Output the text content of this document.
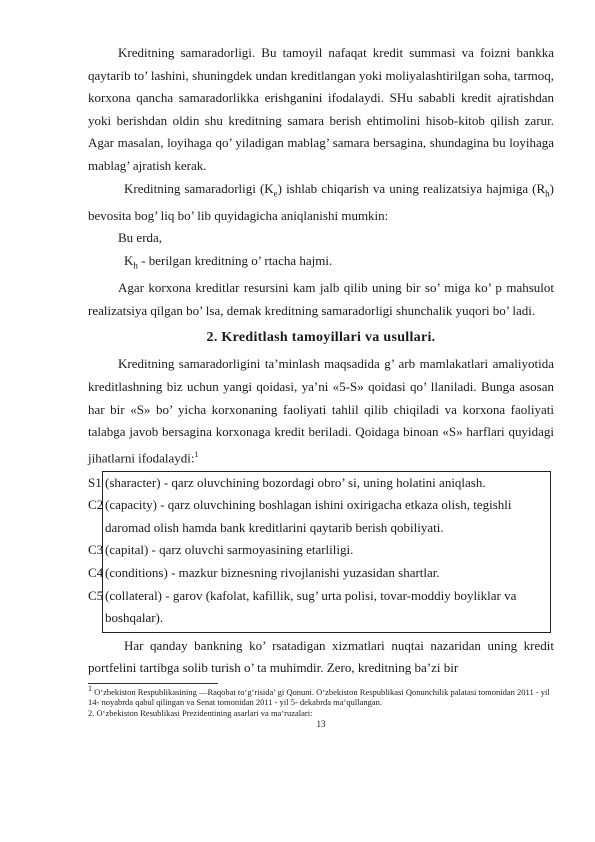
Kreditning samaradorligi. Bu tamoyil nafaqat kredit summasi va foizni bankka qaytarib to’ lashini, shuningdek undan kreditlangan yoki moliyalashtirilgan soha, tarmoq, korxona qancha samaradorlikka erishganini ifodalaydi. SHu sababli kredit ajratishdan yoki berishdan oldin shu kreditning samara berish ehtimolini hisob-kitob qilish zarur. Agar masalan, loyihaga qo’ yiladigan mablag’ samara bersagina, shundagina bu loyihaga mablag’ ajratish kerak.

Kreditning samaradorligi $(K_e)$ ishlab chiqarish va uning realizatsiya hajmiga $(R_h)$ bevosita bog’ liq bo’ lib quyidagicha aniqlanishi mumkin:

Bu erda,

$K_h$ - berilgan kreditning o’ rtacha hajmi.

Agar korxona kreditlar resursini kam jalb qilib uning bir so’ miga ko’ p mahsulot realizatsiya qilgan bo’ lsa, demak kreditning samaradorligi shunchalik yuqori bo’ ladi.

2. Kreditlash tamoyillari va usullari.

Kreditning samaradorligini ta’minlash maqsadida g’ arb mamlakatlari amaliyotida kreditlashning biz uchun yangi qoidasi, ya’ni «5-S» qoidasi qo’ llaniladi. Bunga asosan har bir «S» bo’ yicha korxonaning faoliyati tahlil qilib chiqiladi va korxona faoliyati talabga javob bersagina korxonaga kredit beriladi. Qoidaga binoan «S» harflari quyidagi jihatlarni ifodalaydi:$^1$

S1 (sharacter) - qarz oluvchining bozordagi obro’ si, uning holatini aniqlash.
C2 (capacity) - qarz oluvchining boshlagan ishini oxirigacha etkaza olish, tegishli daromad olish hamda bank kreditlarini qaytarib berish qobiliyati.
C3 (capital) - qarz oluvchi sarmoyasining etarliligi.
C4 (conditions) - mazkur biznesning rivojlanishi yuzasidan shartlar.
C5 (collateral) - garov (kafolat, kafillik, sug’ urta polisi, tovar-moddiy boyliklar va boshqalar).

Har qanday bankning ko’ rsatadigan xizmatlari nuqtai nazaridan uning kredit portfelini tartibga solib turish o’ ta muhimdir. Zero, kreditning ba’zi bir

$^1$ O‘zbekiston Respublikasining —Raqobat to‘g‘risida’ gi Qonuni. O‘zbekiston Respublikasi Qonunchilik palatasi tomonidan 2011 - yil 14- noyabrda qabul qilingan va Senat tomonidan 2011 - yil 5- dekabrda ma‘qullangan.

2. O‘zbekiston Resublikasi Prezidentining asarlari va ma‘ruzalari:

13
